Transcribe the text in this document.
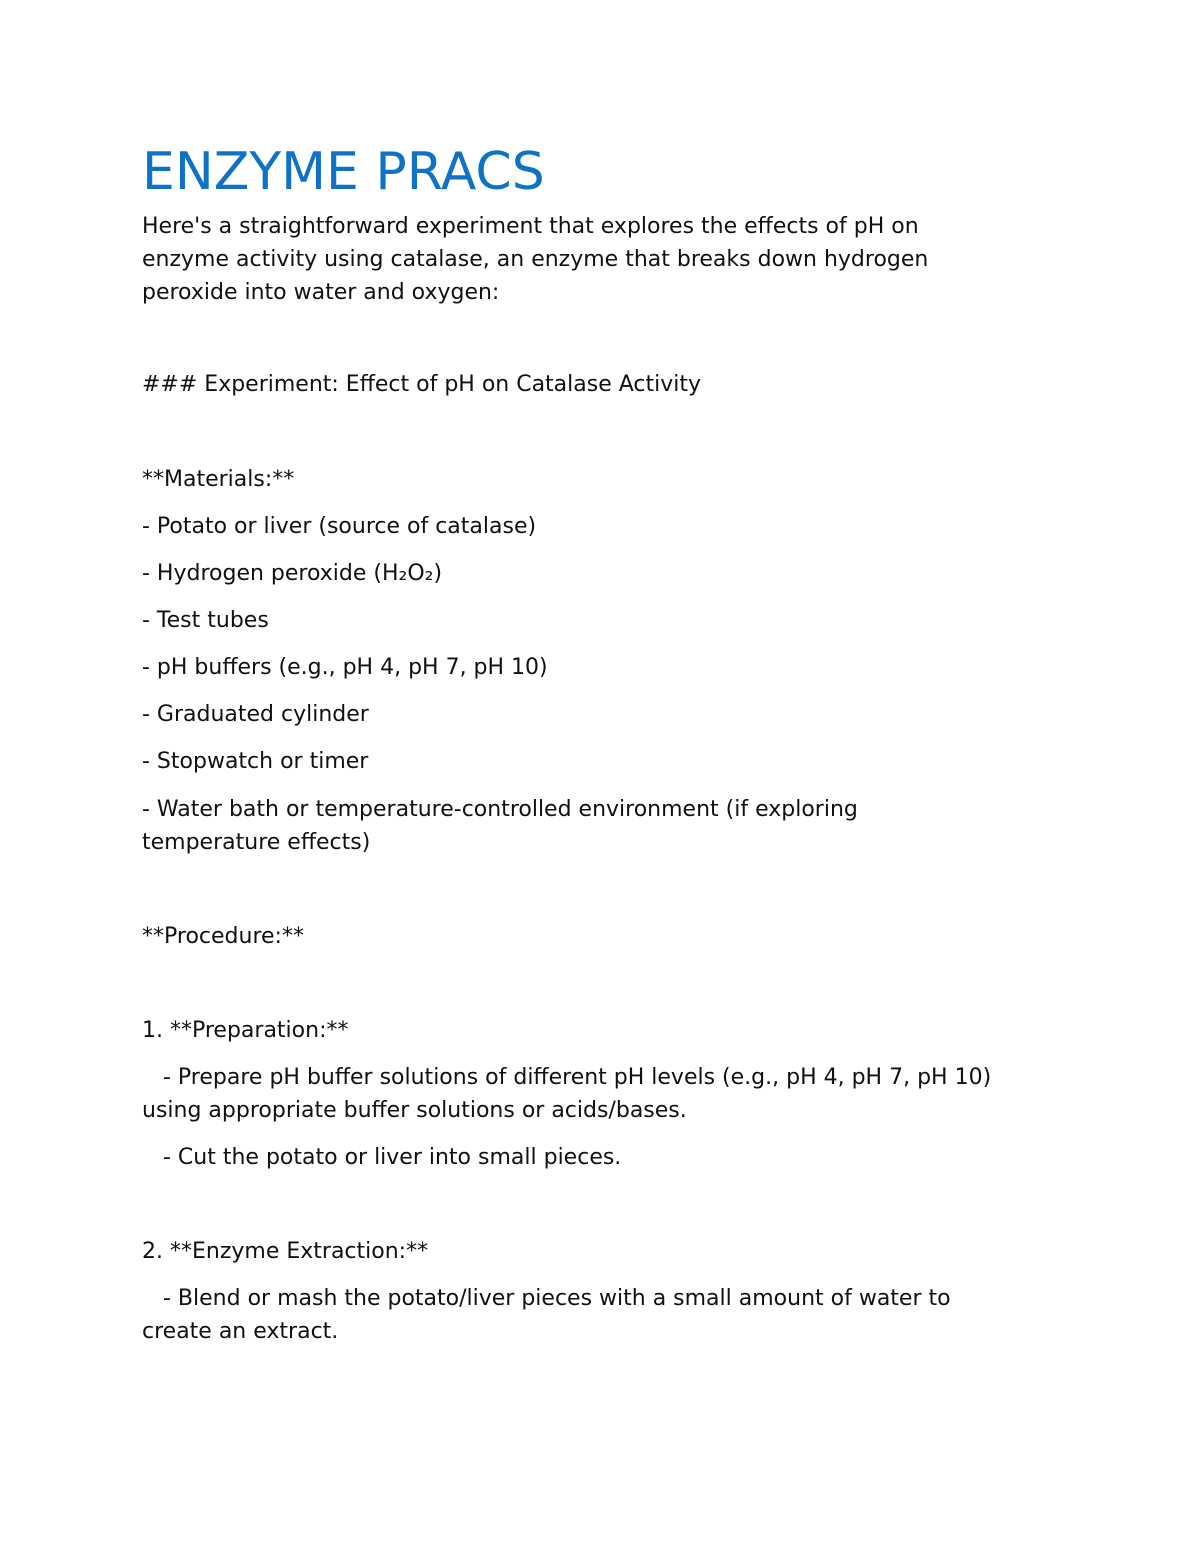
ENZYME PRACS

Here's a straightforward experiment that explores the effects of pH on

enzyme activity using catalase, an enzyme that breaks down hydrogen

peroxide into water and oxygen:

### Experiment: Effect of pH on Catalase Activity

**Materials:**

- Potato or liver (source of catalase)

- Hydrogen peroxide (H₂O₂)

- Test tubes

- pH buffers (e.g., pH 4, pH 7, pH 10)

- Graduated cylinder

- Stopwatch or timer

- Water bath or temperature-controlled environment (if exploring

temperature effects)

**Procedure:**

1. **Preparation:**

- Prepare pH buffer solutions of different pH levels (e.g., pH 4, pH 7, pH 10)

using appropriate buffer solutions or acids/bases.

- Cut the potato or liver into small pieces.

2. **Enzyme Extraction:**

- Blend or mash the potato/liver pieces with a small amount of water to

create an extract.
